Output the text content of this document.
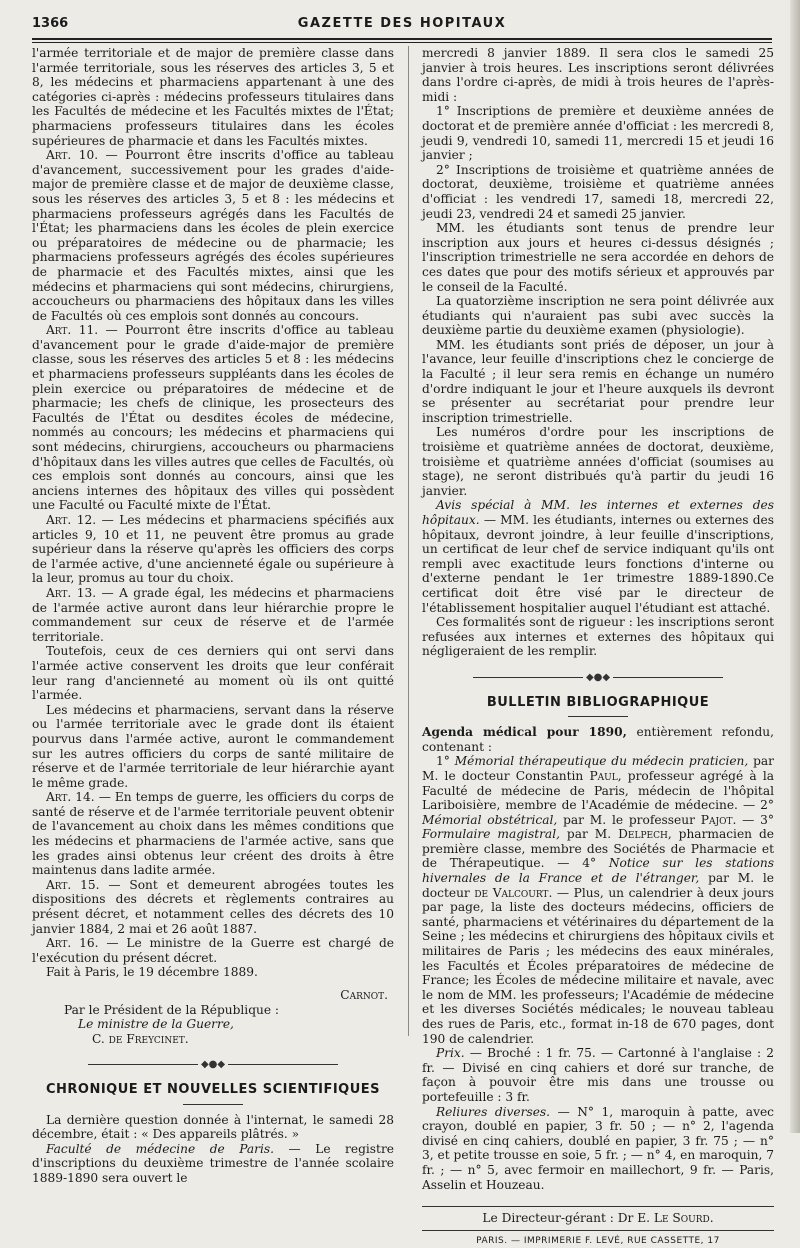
1366	GAZETTE DES HOPITAUX

l'armée territoriale et de major de première classe dans l'armée territoriale, sous les réserves des articles 3, 5 et 8, les médecins et pharmaciens appartenant à une des catégories ci-après : médecins professeurs titulaires dans les Facultés de médecine et les Facultés mixtes de l'État; pharmaciens professeurs titulaires dans les écoles supérieures de pharmacie et dans les Facultés mixtes.

Art. 10. — Pourront être inscrits d'office au tableau d'avancement, successivement pour les grades d'aide-major de première classe et de major de deuxième classe, sous les réserves des articles 3, 5 et 8 : les médecins et pharmaciens professeurs agrégés dans les Facultés de l'État; les pharmaciens dans les écoles de plein exercice ou préparatoires de médecine ou de pharmacie; les pharmaciens professeurs agrégés des écoles supérieures de pharmacie et des Facultés mixtes, ainsi que les médecins et pharmaciens qui sont médecins, chirurgiens, accoucheurs ou pharmaciens des hôpitaux dans les villes de Facultés où ces emplois sont donnés au concours.

Art. 11. — Pourront être inscrits d'office au tableau d'avancement pour le grade d'aide-major de première classe, sous les réserves des articles 5 et 8 : les médecins et pharmaciens professeurs suppléants dans les écoles de plein exercice ou préparatoires de médecine et de pharmacie; les chefs de clinique, les prosecteurs des Facultés de l'État ou desdites écoles de médecine, nommés au concours; les médecins et pharmaciens qui sont médecins, chirurgiens, accoucheurs ou pharmaciens d'hôpitaux dans les villes autres que celles de Facultés, où ces emplois sont donnés au concours, ainsi que les anciens internes des hôpitaux des villes qui possèdent une Faculté ou Faculté mixte de l'État.

Art. 12. — Les médecins et pharmaciens spécifiés aux articles 9, 10 et 11, ne peuvent être promus au grade supérieur dans la réserve qu'après les officiers des corps de l'armée active, d'une ancienneté égale ou supérieure à la leur, promus au tour du choix.

Art. 13. — A grade égal, les médecins et pharmaciens de l'armée active auront dans leur hiérarchie propre le commandement sur ceux de réserve et de l'armée territoriale.

Toutefois, ceux de ces derniers qui ont servi dans l'armée active conservent les droits que leur conférait leur rang d'ancienneté au moment où ils ont quitté l'armée.

Les médecins et pharmaciens, servant dans la réserve ou l'armée territoriale avec le grade dont ils étaient pourvus dans l'armée active, auront le commandement sur les autres officiers du corps de santé militaire de réserve et de l'armée territoriale de leur hiérarchie ayant le même grade.

Art. 14. — En temps de guerre, les officiers du corps de santé de réserve et de l'armée territoriale peuvent obtenir de l'avancement au choix dans les mêmes conditions que les médecins et pharmaciens de l'armée active, sans que les grades ainsi obtenus leur créent des droits à être maintenus dans ladite armée.

Art. 15. — Sont et demeurent abrogées toutes les dispositions des décrets et règlements contraires au présent décret, et notamment celles des décrets des 10 janvier 1884, 2 mai et 26 août 1887.

Art. 16. — Le ministre de la Guerre est chargé de l'exécution du présent décret.

Fait à Paris, le 19 décembre 1889.

Carnot.
Par le Président de la République :
Le ministre de la Guerre,
C. de Freycinet.
◆●◆
CHRONIQUE ET NOUVELLES SCIENTIFIQUES

La dernière question donnée à l'internat, le samedi 28 décembre, était : « Des appareils plâtrés. »

Faculté de médecine de Paris. — Le registre d'inscriptions du deuxième trimestre de l'année scolaire 1889-1890 sera ouvert le

mercredi 8 janvier 1889. Il sera clos le samedi 25 janvier à trois heures. Les inscriptions seront délivrées dans l'ordre ci-après, de midi à trois heures de l'après-midi :

1° Inscriptions de première et deuxième années de doctorat et de première année d'officiat : les mercredi 8, jeudi 9, vendredi 10, samedi 11, mercredi 15 et jeudi 16 janvier ;

2° Inscriptions de troisième et quatrième années de doctorat, deuxième, troisième et quatrième années d'officiat : les vendredi 17, samedi 18, mercredi 22, jeudi 23, vendredi 24 et samedi 25 janvier.

MM. les étudiants sont tenus de prendre leur inscription aux jours et heures ci-dessus désignés ; l'inscription trimestrielle ne sera accordée en dehors de ces dates que pour des motifs sérieux et approuvés par le conseil de la Faculté.

La quatorzième inscription ne sera point délivrée aux étudiants qui n'auraient pas subi avec succès la deuxième partie du deuxième examen (physiologie).

MM. les étudiants sont priés de déposer, un jour à l'avance, leur feuille d'inscriptions chez le concierge de la Faculté ; il leur sera remis en échange un numéro d'ordre indiquant le jour et l'heure auxquels ils devront se présenter au secrétariat pour prendre leur inscription trimestrielle.

Les numéros d'ordre pour les inscriptions de troisième et quatrième années de doctorat, deuxième, troisième et quatrième années d'officiat (soumises au stage), ne seront distribués qu'à partir du jeudi 16 janvier.

Avis spécial à MM. les internes et externes des hôpitaux. — MM. les étudiants, internes ou externes des hôpitaux, devront joindre, à leur feuille d'inscriptions, un certificat de leur chef de service indiquant qu'ils ont rempli avec exactitude leurs fonctions d'interne ou d'externe pendant le 1er trimestre 1889-1890.Ce certificat doit être visé par le directeur de l'établissement hospitalier auquel l'étudiant est attaché.

Ces formalités sont de rigueur : les inscriptions seront refusées aux internes et externes des hôpitaux qui négligeraient de les remplir.

◆●◆
BULLETIN BIBLIOGRAPHIQUE

Agenda médical pour 1890, entièrement refondu, contenant :

1° Mémorial thérapeutique du médecin praticien, par M. le docteur Constantin Paul, professeur agrégé à la Faculté de médecine de Paris, médecin de l'hôpital Lariboisière, membre de l'Académie de médecine. — 2° Mémorial obstétrical, par M. le professeur Pajot. — 3° Formulaire magistral, par M. Delpech, pharmacien de première classe, membre des Sociétés de Pharmacie et de Thérapeutique. — 4° Notice sur les stations hivernales de la France et de l'étranger, par M. le docteur de Valcourt. — Plus, un calendrier à deux jours par page, la liste des docteurs médecins, officiers de santé, pharmaciens et vétérinaires du département de la Seine ; les médecins et chirurgiens des hôpitaux civils et militaires de Paris ; les médecins des eaux minérales, les Facultés et Écoles préparatoires de médecine de France; les Écoles de médecine militaire et navale, avec le nom de MM. les professeurs; l'Académie de médecine et les diverses Sociétés médicales; le nouveau tableau des rues de Paris, etc., format in-18 de 670 pages, dont 190 de calendrier.

Prix. — Broché : 1 fr. 75. — Cartonné à l'anglaise : 2 fr. — Divisé en cinq cahiers et doré sur tranche, de façon à pouvoir être mis dans une trousse ou portefeuille : 3 fr.

Reliures diverses. — N° 1, maroquin à patte, avec crayon, doublé en papier, 3 fr. 50 ; — n° 2, l'agenda divisé en cinq cahiers, doublé en papier, 3 fr. 75 ; — n° 3, et petite trousse en soie, 5 fr. ; — n° 4, en maroquin, 7 fr. ; — n° 5, avec fermoir en maillechort, 9 fr. — Paris, Asselin et Houzeau.

Le Directeur-gérant : Dr E. Le Sourd.
PARIS. — IMPRIMERIE F. LEVÉ, RUE CASSETTE, 17
